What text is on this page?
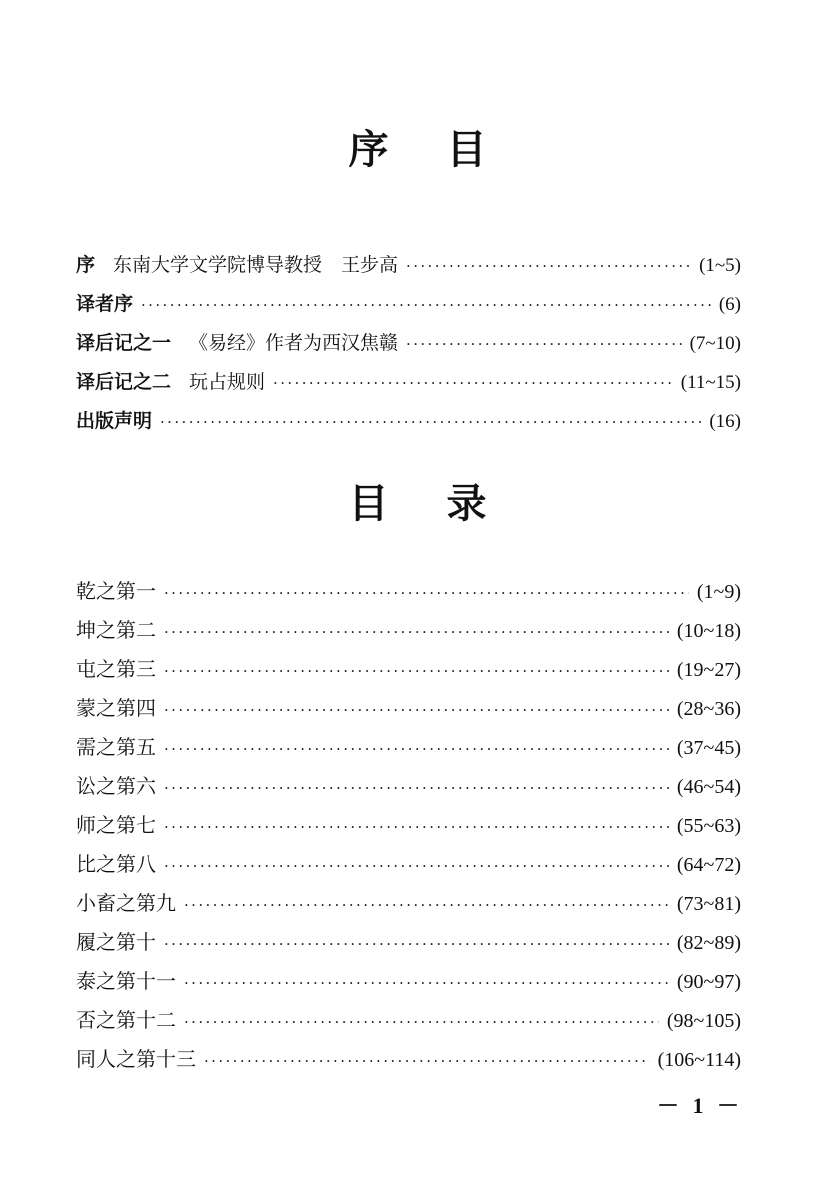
序 目
序 东南大学文学院博导教授　王步高 ·····	(1~5)
译者序 ·····	(6)
译后记之一 《易经》作者为西汉焦赣 ·····	(7~10)
译后记之二 玩占规则 ·····	(11~15)
出版声明 ·····	(16)
目 录
乾之第一 ·····	(1~9)
坤之第二 ·····	(10~18)
屯之第三 ·····	(19~27)
蒙之第四 ·····	(28~36)
需之第五 ·····	(37~45)
讼之第六 ·····	(46~54)
师之第七 ·····	(55~63)
比之第八 ·····	(64~72)
小畜之第九 ·····	(73~81)
履之第十 ·····	(82~89)
泰之第十一 ·····	(90~97)
否之第十二 ·····	(98~105)
同人之第十三 ·····	(106~114)
－ 1 －
